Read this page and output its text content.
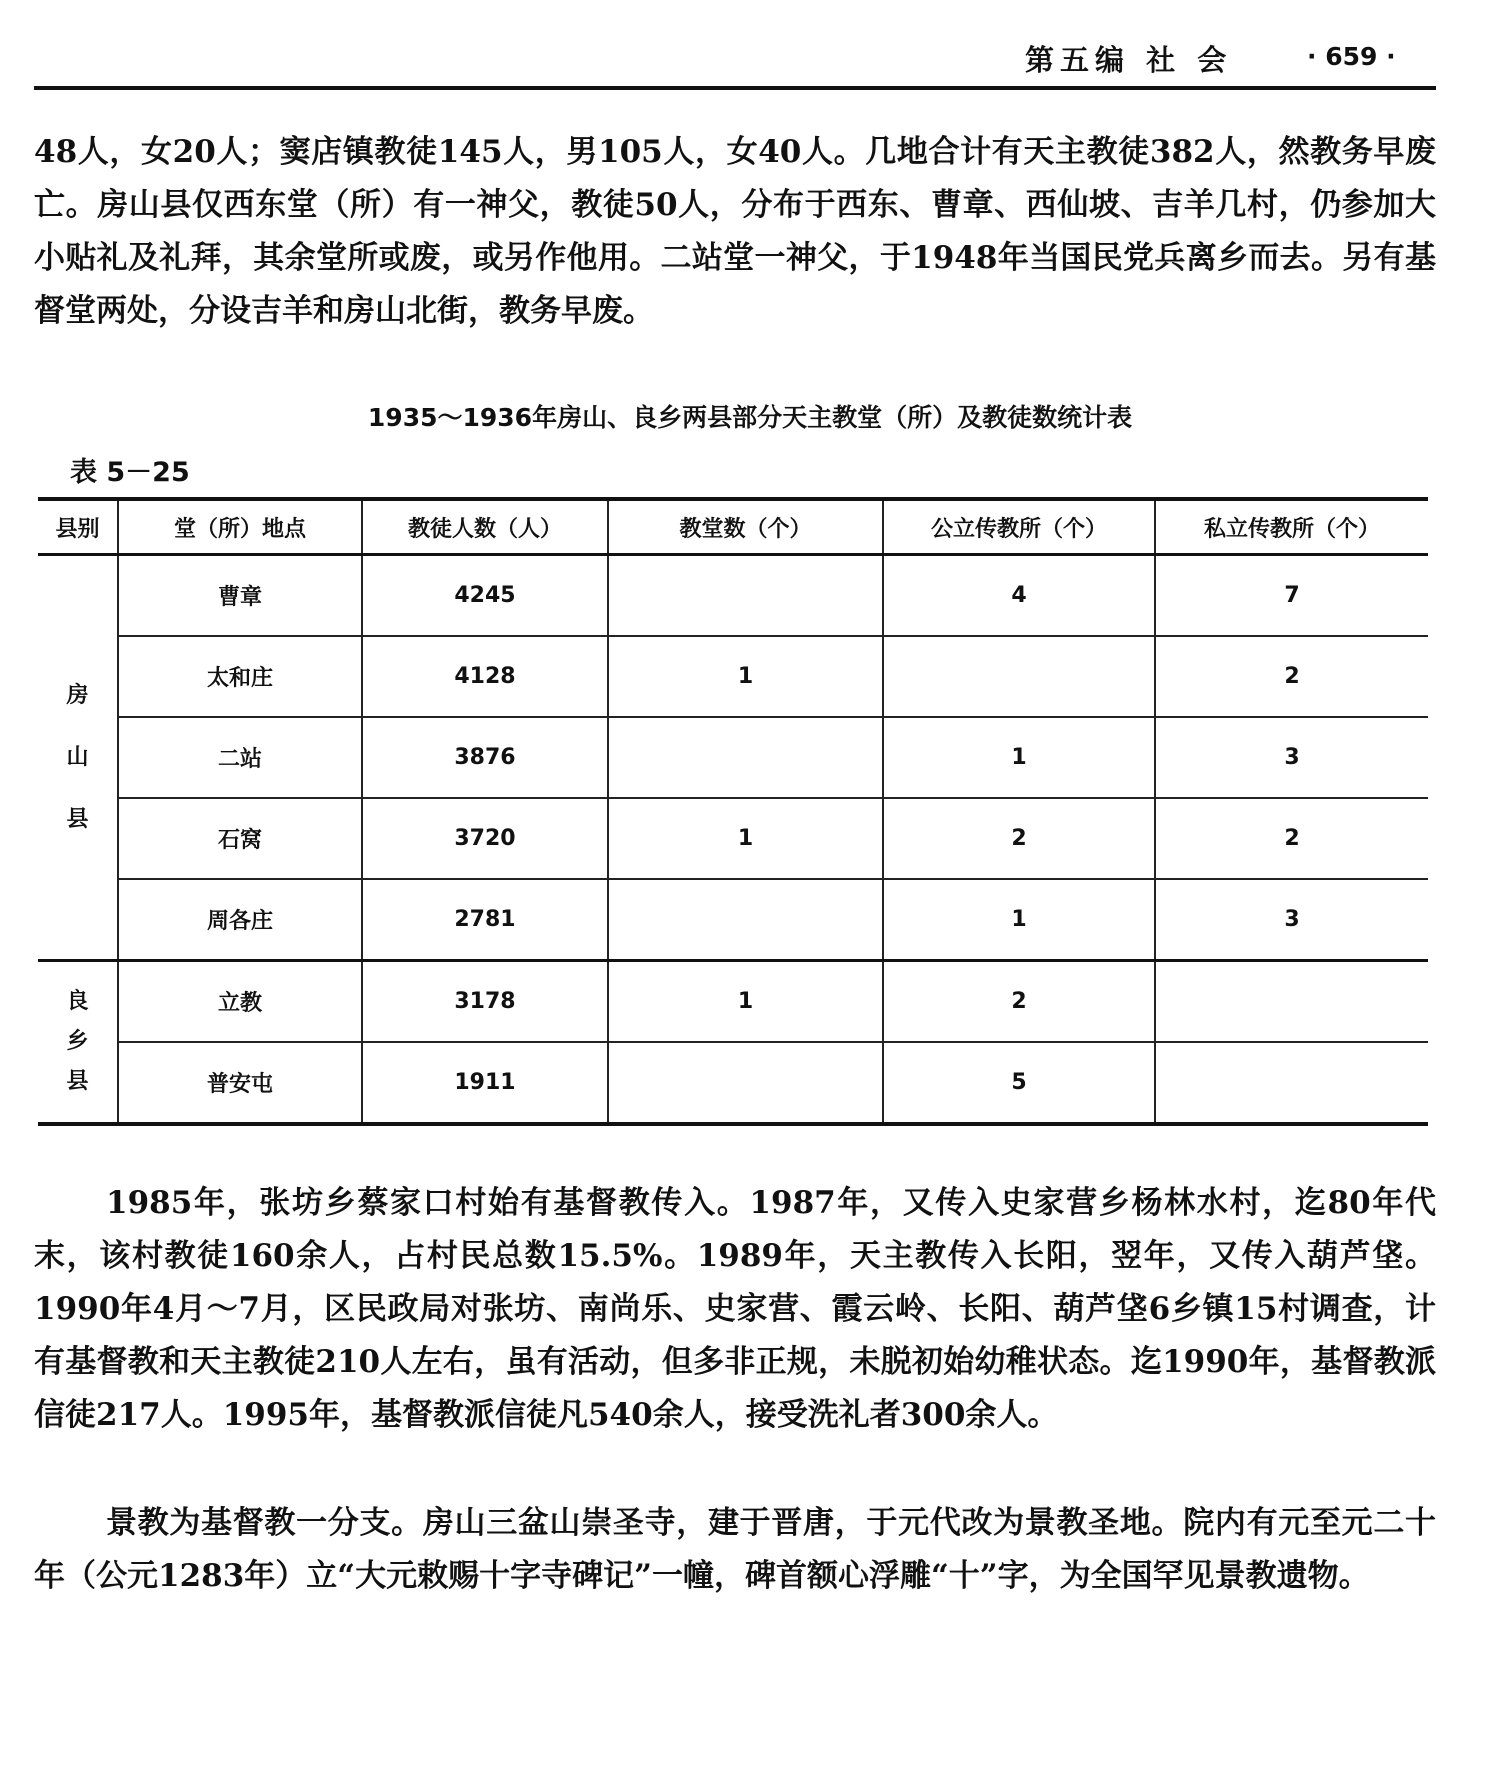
第五编 社 会	· 659 ·

48人，女20人；窦店镇教徒145人，男105人，女40人。几地合计有天主教徒382人，然教务早废亡。房山县仅西东堂（所）有一神父，教徒50人，分布于西东、曹章、西仙坡、吉羊几村，仍参加大小贴礼及礼拜，其余堂所或废，或另作他用。二站堂一神父，于1948年当国民党兵离乡而去。另有基督堂两处，分设吉羊和房山北街，教务早废。

1935～1936年房山、良乡两县部分天主教堂（所）及教徒数统计表
表 5－25
县别	堂（所）地点	教徒人数（人）	教堂数（个）	公立传教所（个）	私立传教所（个）
房山县	曹章	4245		4	7
	太和庄	4128	1		2
	二站	3876		1	3
	石窝	3720	1	2	2
	周各庄	2781		1	3
良乡县	立教	3178	1	2	
	普安屯	1911		5	

1985年，张坊乡蔡家口村始有基督教传入。1987年，又传入史家营乡杨林水村，迄80年代末，该村教徒160余人，占村民总数15.5%。1989年，天主教传入长阳，翌年，又传入葫芦垡。1990年4月～7月，区民政局对张坊、南尚乐、史家营、霞云岭、长阳、葫芦垡6乡镇15村调查，计有基督教和天主教徒210人左右，虽有活动，但多非正规，未脱初始幼稚状态。迄1990年，基督教派信徒217人。1995年，基督教派信徒凡540余人，接受洗礼者300余人。

景教为基督教一分支。房山三盆山崇圣寺，建于晋唐，于元代改为景教圣地。院内有元至元二十年（公元1283年）立“大元敕赐十字寺碑记”一幢，碑首额心浮雕“十”字，为全国罕见景教遗物。
